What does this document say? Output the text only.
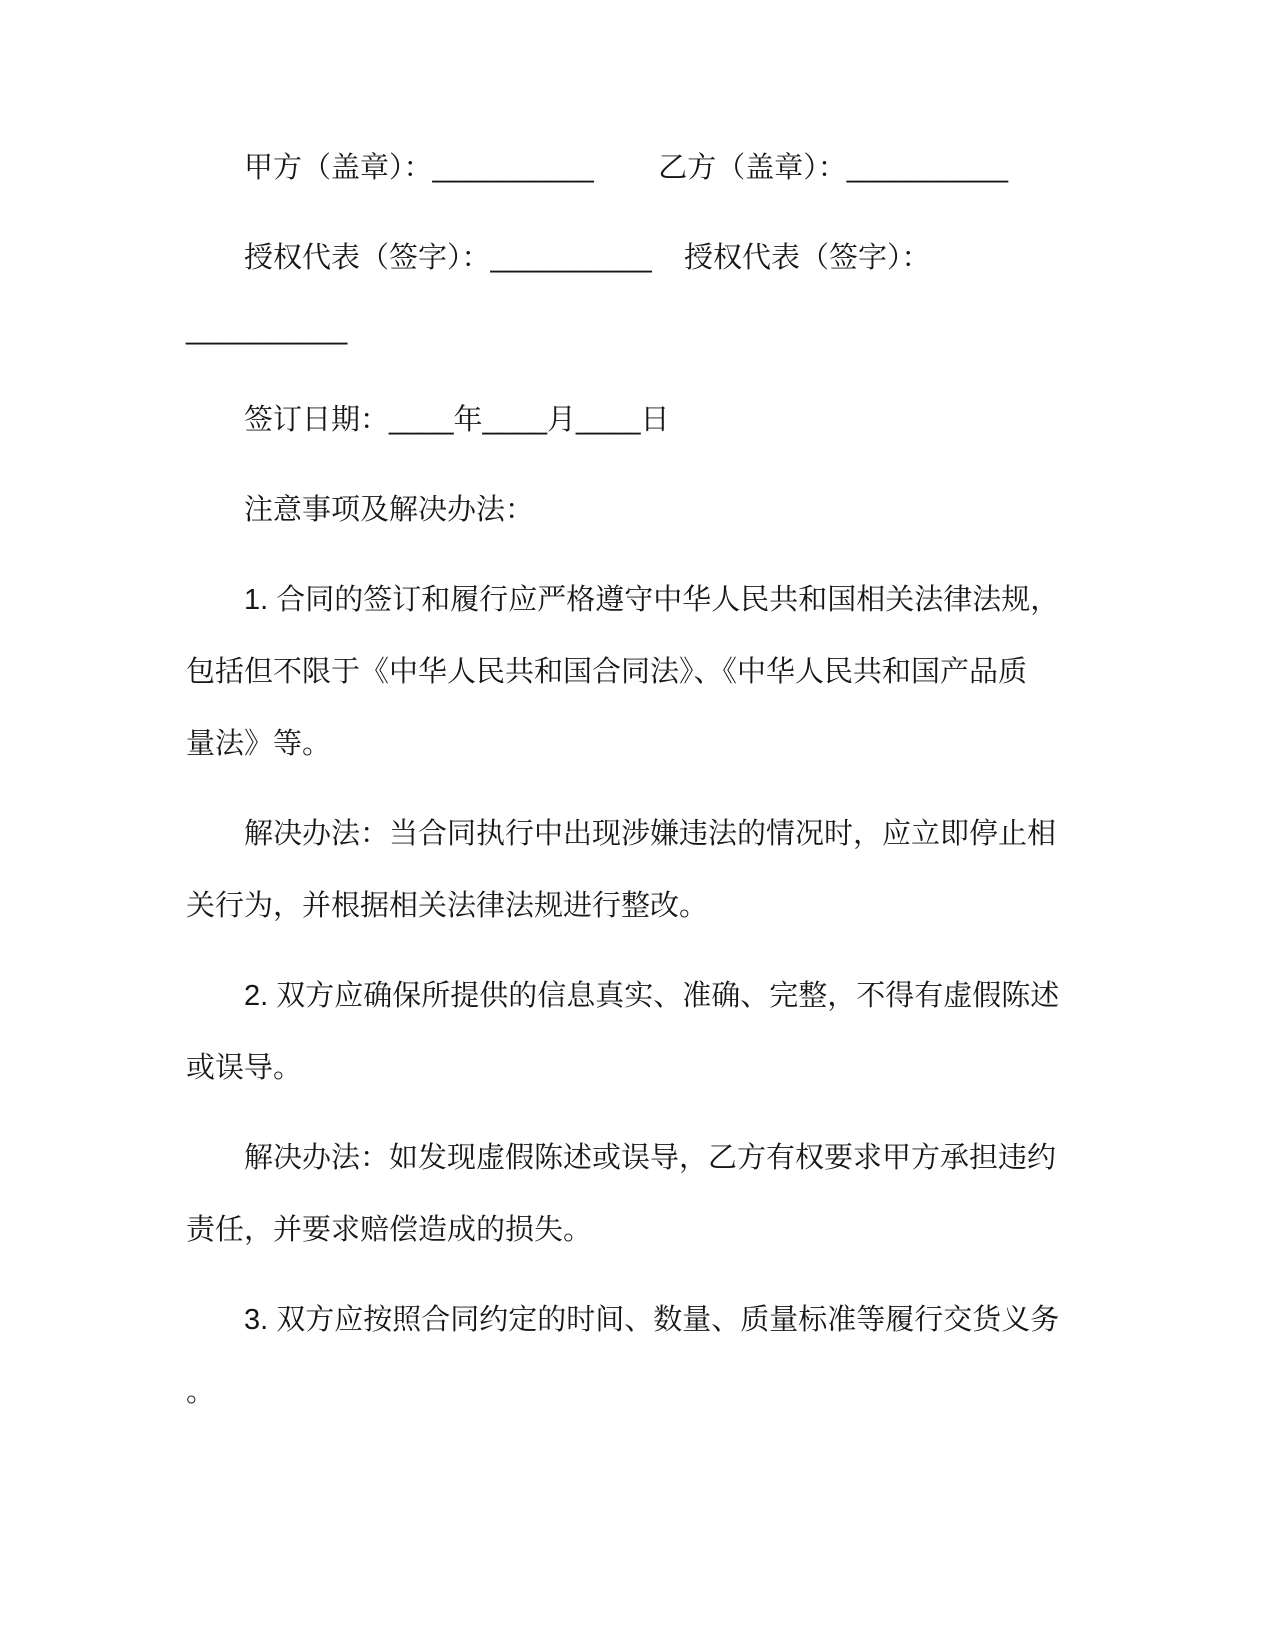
甲方（盖章）：__________        乙方（盖章）：__________
授权代表（签字）：__________    授权代表（签字）：
__________
签订日期：____年____月____日
注意事项及解决办法：
1. 合同的签订和履行应严格遵守中华人民共和国相关法律法规，
包括但不限于《中华人民共和国合同法》、《中华人民共和国产品质
量法》等。
解决办法：当合同执行中出现涉嫌违法的情况时，应立即停止相
关行为，并根据相关法律法规进行整改。
2. 双方应确保所提供的信息真实、准确、完整，不得有虚假陈述
或误导。
解决办法：如发现虚假陈述或误导，乙方有权要求甲方承担违约
责任，并要求赔偿造成的损失。
3. 双方应按照合同约定的时间、数量、质量标准等履行交货义务
。
